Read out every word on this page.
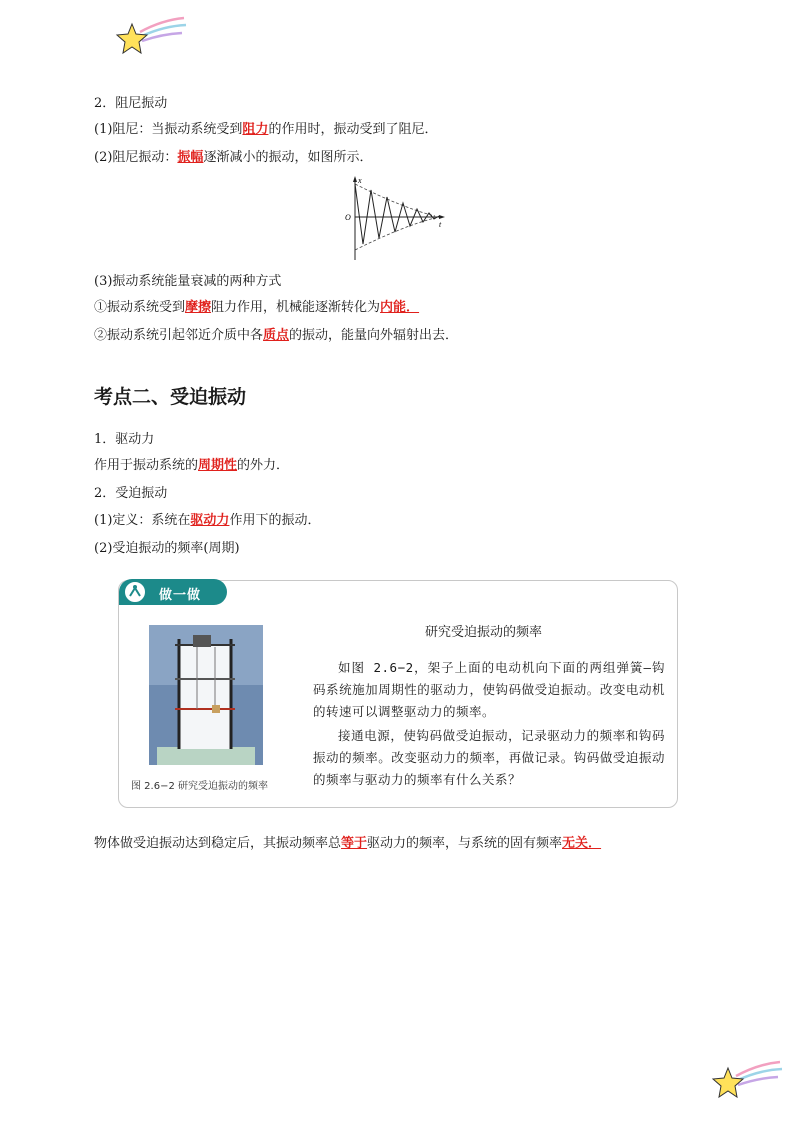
2．阻尼振动
(1)阻尼：当振动系统受到阻力的作用时，振动受到了阻尼．
(2)阻尼振动：振幅逐渐减小的振动，如图所示．
x
O
t
(3)振动系统能量衰减的两种方式
①振动系统受到摩擦阻力作用，机械能逐渐转化为内能．
②振动系统引起邻近介质中各质点的振动，能量向外辐射出去．
考点二、受迫振动
1．驱动力
作用于振动系统的周期性的外力．
2．受迫振动
(1)定义：系统在驱动力作用下的振动．
(2)受迫振动的频率(周期)
做一做
图 2.6−2 研究受迫振动的频率
研究受迫振动的频率
如图 2.6−2，架子上面的电动机向下面的两组弹簧—钩码系统施加周期性的驱动力，使钩码做受迫振动。改变电动机的转速可以调整驱动力的频率。
接通电源，使钩码做受迫振动，记录驱动力的频率和钩码振动的频率。改变驱动力的频率，再做记录。钩码做受迫振动的频率与驱动力的频率有什么关系？
物体做受迫振动达到稳定后，其振动频率总等于驱动力的频率，与系统的固有频率无关．
